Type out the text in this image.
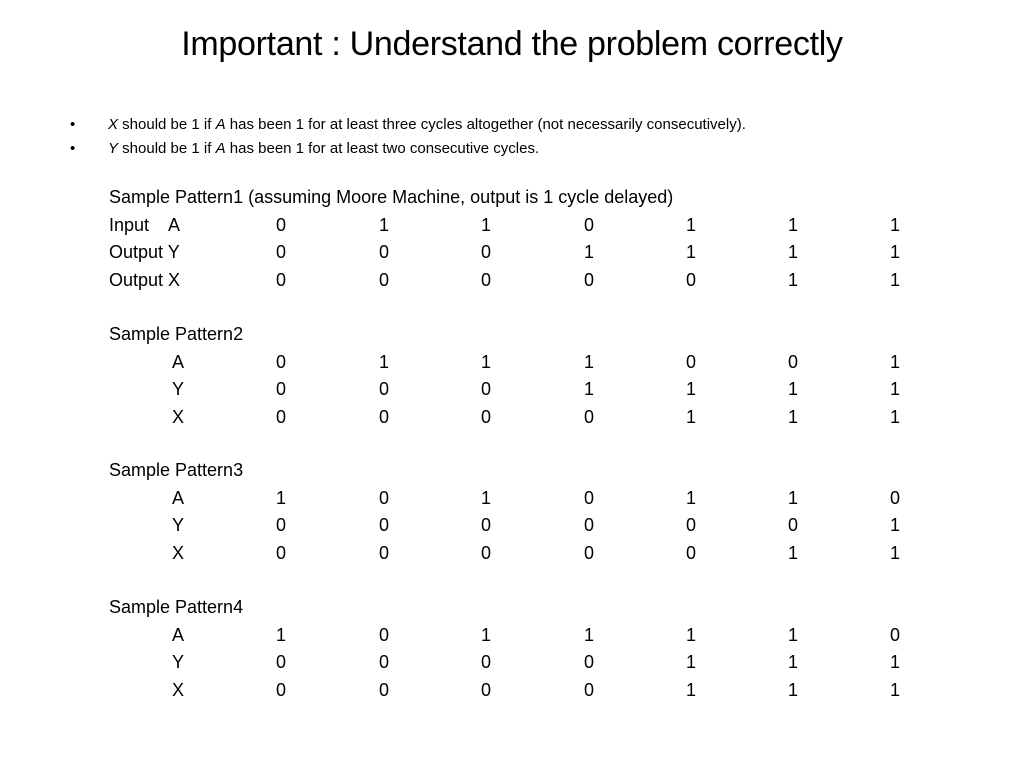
Important : Understand the problem correctly
• X should be 1 if A has been 1 for at least three cycles altogether (not necessarily consecutively).
• Y should be 1 if A has been 1 for at least two consecutive cycles.
Sample Pattern1 (assuming Moore Machine, output is 1 cycle delayed)
Input    A	0	1	1	0	1	1	1
Output Y	0	0	0	1	1	1	1
Output X	0	0	0	0	0	1	1
Sample Pattern2
A	0	1	1	1	0	0	1
Y	0	0	0	1	1	1	1
X	0	0	0	0	1	1	1
Sample Pattern3
A	1	0	1	0	1	1	0
Y	0	0	0	0	0	0	1
X	0	0	0	0	0	1	1
Sample Pattern4
A	1	0	1	1	1	1	0
Y	0	0	0	0	1	1	1
X	0	0	0	0	1	1	1
